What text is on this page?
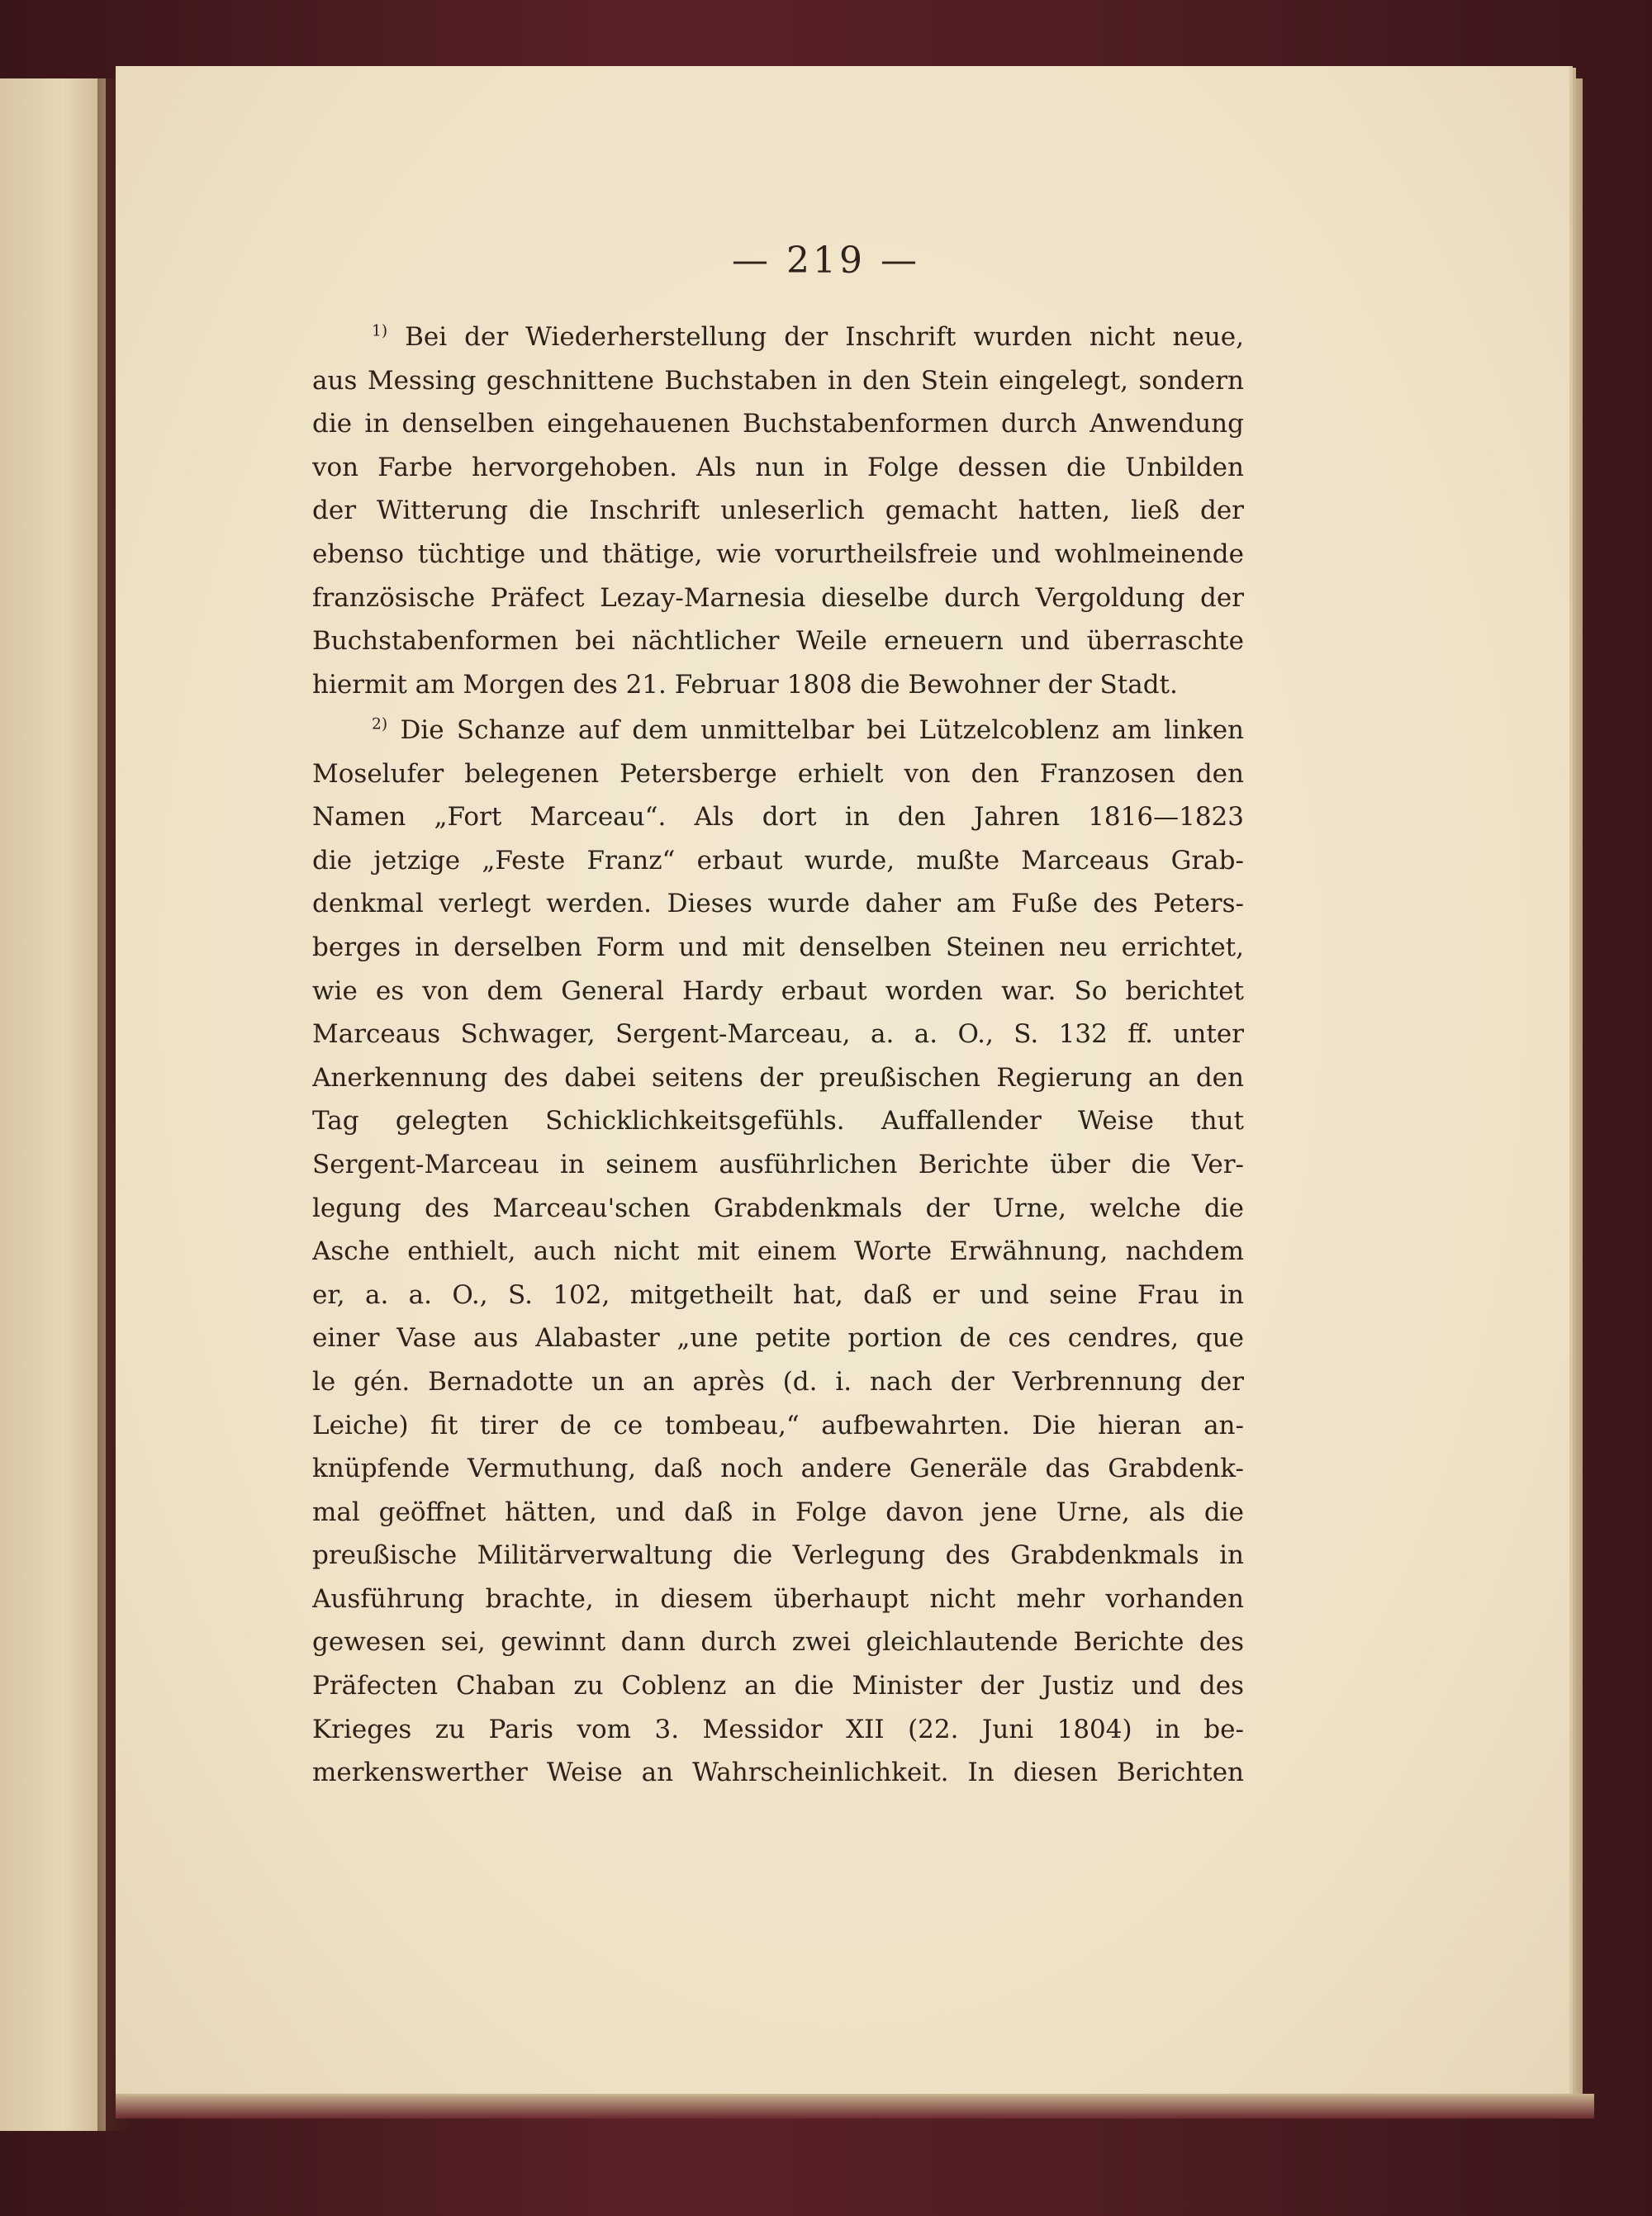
— 219 —
$^{1)}$ Bei der Wiederherstellung der Inschrift wurden nicht neue,
aus Messing geschnittene Buchstaben in den Stein eingelegt, sondern
die in denselben eingehauenen Buchstabenformen durch Anwendung
von Farbe hervorgehoben. Als nun in Folge dessen die Unbilden
der Witterung die Inschrift unleserlich gemacht hatten, ließ der
ebenso tüchtige und thätige, wie vorurtheilsfreie und wohlmeinende
französische Präfect Lezay-Marnesia dieselbe durch Vergoldung der
Buchstabenformen bei nächtlicher Weile erneuern und überraschte
hiermit am Morgen des 21. Februar 1808 die Bewohner der Stadt.
$^{2)}$ Die Schanze auf dem unmittelbar bei Lützelcoblenz am linken
Moselufer belegenen Petersberge erhielt von den Franzosen den
Namen „Fort Marceau“. Als dort in den Jahren 1816—1823
die jetzige „Feste Franz“ erbaut wurde, mußte Marceaus Grab-
denkmal verlegt werden. Dieses wurde daher am Fuße des Peters-
berges in derselben Form und mit denselben Steinen neu errichtet,
wie es von dem General Hardy erbaut worden war. So berichtet
Marceaus Schwager, Sergent-Marceau, a. a. O., S. 132 ff. unter
Anerkennung des dabei seitens der preußischen Regierung an den
Tag gelegten Schicklichkeitsgefühls. Auffallender Weise thut
Sergent-Marceau in seinem ausführlichen Berichte über die Ver-
legung des Marceau'schen Grabdenkmals der Urne, welche die
Asche enthielt, auch nicht mit einem Worte Erwähnung, nachdem
er, a. a. O., S. 102, mitgetheilt hat, daß er und seine Frau in
einer Vase aus Alabaster „une petite portion de ces cendres, que
le gén. Bernadotte un an après (d. i. nach der Verbrennung der
Leiche) fit tirer de ce tombeau,“ aufbewahrten. Die hieran an-
knüpfende Vermuthung, daß noch andere Generäle das Grabdenk-
mal geöffnet hätten, und daß in Folge davon jene Urne, als die
preußische Militärverwaltung die Verlegung des Grabdenkmals in
Ausführung brachte, in diesem überhaupt nicht mehr vorhanden
gewesen sei, gewinnt dann durch zwei gleichlautende Berichte des
Präfecten Chaban zu Coblenz an die Minister der Justiz und des
Krieges zu Paris vom 3. Messidor XII (22. Juni 1804) in be-
merkenswerther Weise an Wahrscheinlichkeit. In diesen Berichten
